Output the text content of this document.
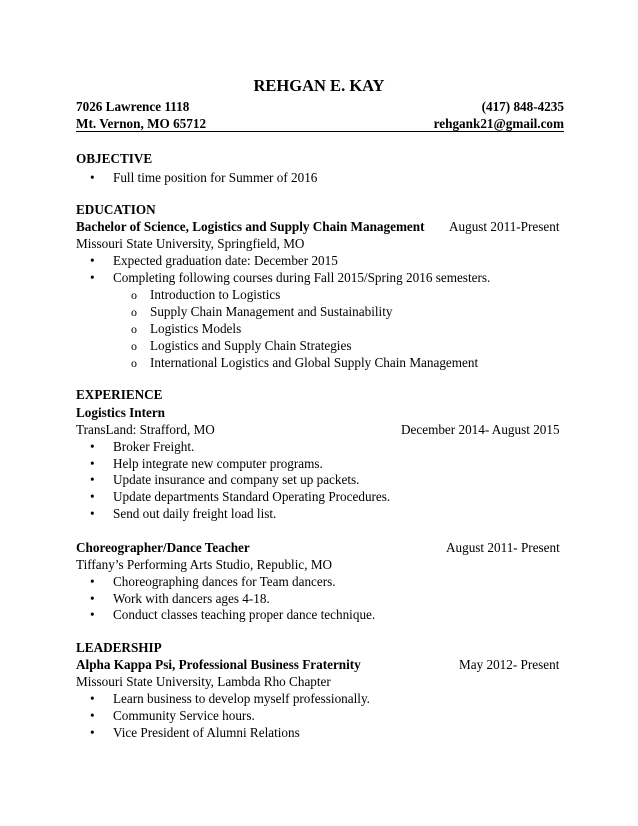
REHGAN E. KAY
7026 Lawrence 1118	(417) 848-4235
Mt. Vernon, MO 65712	rehgank21@gmail.com
OBJECTIVE
• Full time position for Summer of 2016
EDUCATION
Bachelor of Science, Logistics and Supply Chain Management August 2011-Present
Missouri State University, Springfield, MO
• Expected graduation date: December 2015
• Completing following courses during Fall 2015/Spring 2016 semesters.
o Introduction to Logistics
o Supply Chain Management and Sustainability
o Logistics Models
o Logistics and Supply Chain Strategies
o International Logistics and Global Supply Chain Management
EXPERIENCE
Logistics Intern
TransLand: Strafford, MO	December 2014- August 2015
• Broker Freight.
• Help integrate new computer programs.
• Update insurance and company set up packets.
• Update departments Standard Operating Procedures.
• Send out daily freight load list.
Choreographer/Dance Teacher	August 2011- Present
Tiffany’s Performing Arts Studio, Republic, MO
• Choreographing dances for Team dancers.
• Work with dancers ages 4-18.
• Conduct classes teaching proper dance technique.
LEADERSHIP
Alpha Kappa Psi, Professional Business Fraternity	May 2012- Present
Missouri State University, Lambda Rho Chapter
• Learn business to develop myself professionally.
• Community Service hours.
• Vice President of Alumni Relations
